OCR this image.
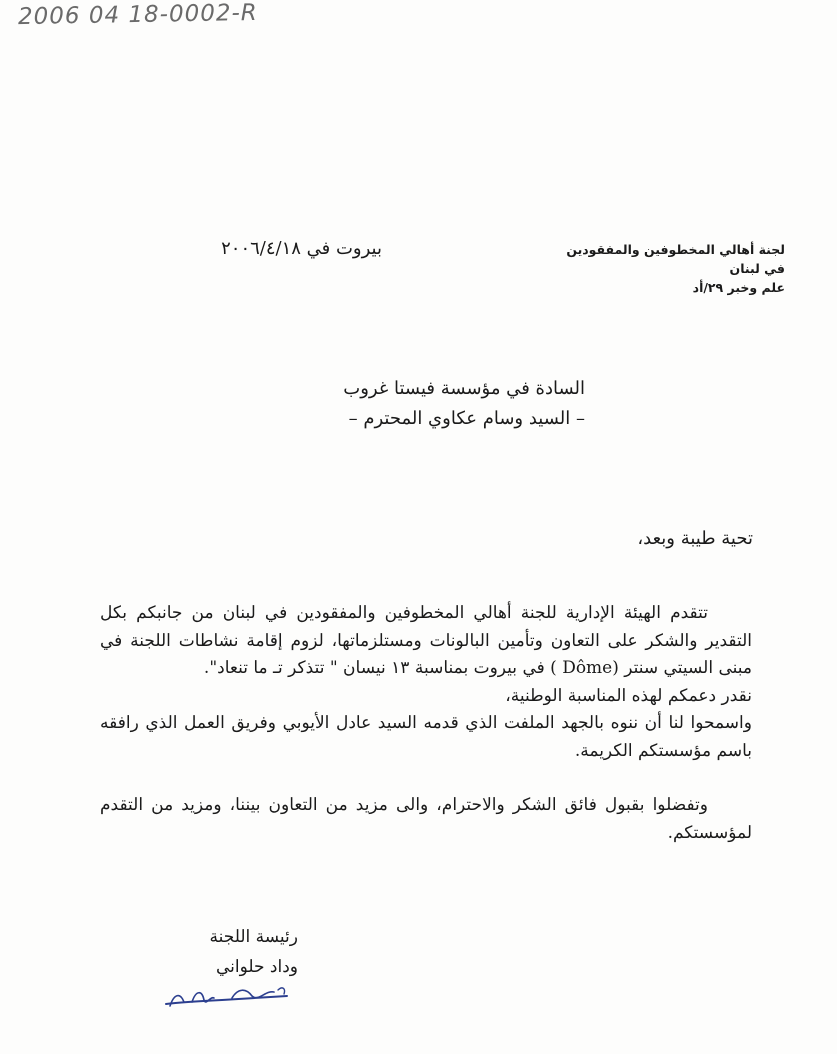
2006 04 18-0002-R
لجنة أهالي المخطوفين والمفقودين
في لبنان
علم وخبر ٢٩/أد
بيروت في ٢٠٠٦/٤/١٨
السادة في مؤسسة فيستا غروب
– السيد وسام عكاوي المحترم –
تحية طيبة وبعد،

تتقدم الهيئة الإدارية للجنة أهالي المخطوفين والمفقودين في لبنان من جانبكم بكل التقدير والشكر على التعاون وتأمين البالونات ومستلزماتها، لزوم إقامة نشاطات اللجنة في مبنى السيتي سنتر (Dôme ) في بيروت بمناسبة ١٣ نيسان " تتذكر تـ ما تنعاد".

نقدر دعمكم لهذه المناسبة الوطنية،

واسمحوا لنا أن ننوه بالجهد الملفت الذي قدمه السيد عادل الأيوبي وفريق العمل الذي رافقه باسم مؤسستكم الكريمة.

وتفضلوا بقبول فائق الشكر والاحترام، والى مزيد من التعاون بيننا، ومزيد من التقدم لمؤسستكم.

رئيسة اللجنة
وداد حلواني
